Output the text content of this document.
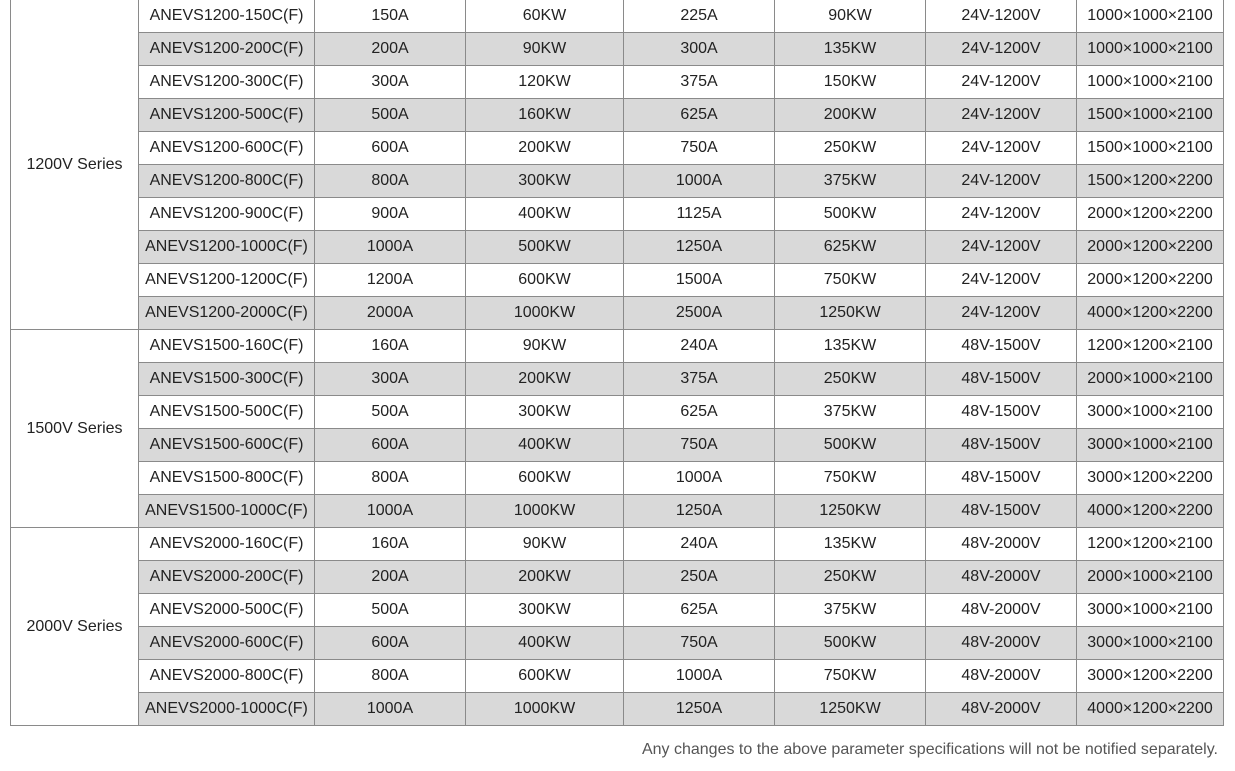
1200V Series	ANEVS1200-150C(F)	150A	60KW	225A	90KW	24V-1200V	1000×1000×2100
	ANEVS1200-200C(F)	200A	90KW	300A	135KW	24V-1200V	1000×1000×2100
	ANEVS1200-300C(F)	300A	120KW	375A	150KW	24V-1200V	1000×1000×2100
	ANEVS1200-500C(F)	500A	160KW	625A	200KW	24V-1200V	1500×1000×2100
	ANEVS1200-600C(F)	600A	200KW	750A	250KW	24V-1200V	1500×1000×2100
	ANEVS1200-800C(F)	800A	300KW	1000A	375KW	24V-1200V	1500×1200×2200
	ANEVS1200-900C(F)	900A	400KW	1125A	500KW	24V-1200V	2000×1200×2200
	ANEVS1200-1000C(F)	1000A	500KW	1250A	625KW	24V-1200V	2000×1200×2200
	ANEVS1200-1200C(F)	1200A	600KW	1500A	750KW	24V-1200V	2000×1200×2200
	ANEVS1200-2000C(F)	2000A	1000KW	2500A	1250KW	24V-1200V	4000×1200×2200
1500V Series	ANEVS1500-160C(F)	160A	90KW	240A	135KW	48V-1500V	1200×1200×2100
	ANEVS1500-300C(F)	300A	200KW	375A	250KW	48V-1500V	2000×1000×2100
	ANEVS1500-500C(F)	500A	300KW	625A	375KW	48V-1500V	3000×1000×2100
	ANEVS1500-600C(F)	600A	400KW	750A	500KW	48V-1500V	3000×1000×2100
	ANEVS1500-800C(F)	800A	600KW	1000A	750KW	48V-1500V	3000×1200×2200
	ANEVS1500-1000C(F)	1000A	1000KW	1250A	1250KW	48V-1500V	4000×1200×2200
2000V Series	ANEVS2000-160C(F)	160A	90KW	240A	135KW	48V-2000V	1200×1200×2100
	ANEVS2000-200C(F)	200A	200KW	250A	250KW	48V-2000V	2000×1000×2100
	ANEVS2000-500C(F)	500A	300KW	625A	375KW	48V-2000V	3000×1000×2100
	ANEVS2000-600C(F)	600A	400KW	750A	500KW	48V-2000V	3000×1000×2100
	ANEVS2000-800C(F)	800A	600KW	1000A	750KW	48V-2000V	3000×1200×2200
	ANEVS2000-1000C(F)	1000A	1000KW	1250A	1250KW	48V-2000V	4000×1200×2200
Any changes to the above parameter specifications will not be notified separately.
